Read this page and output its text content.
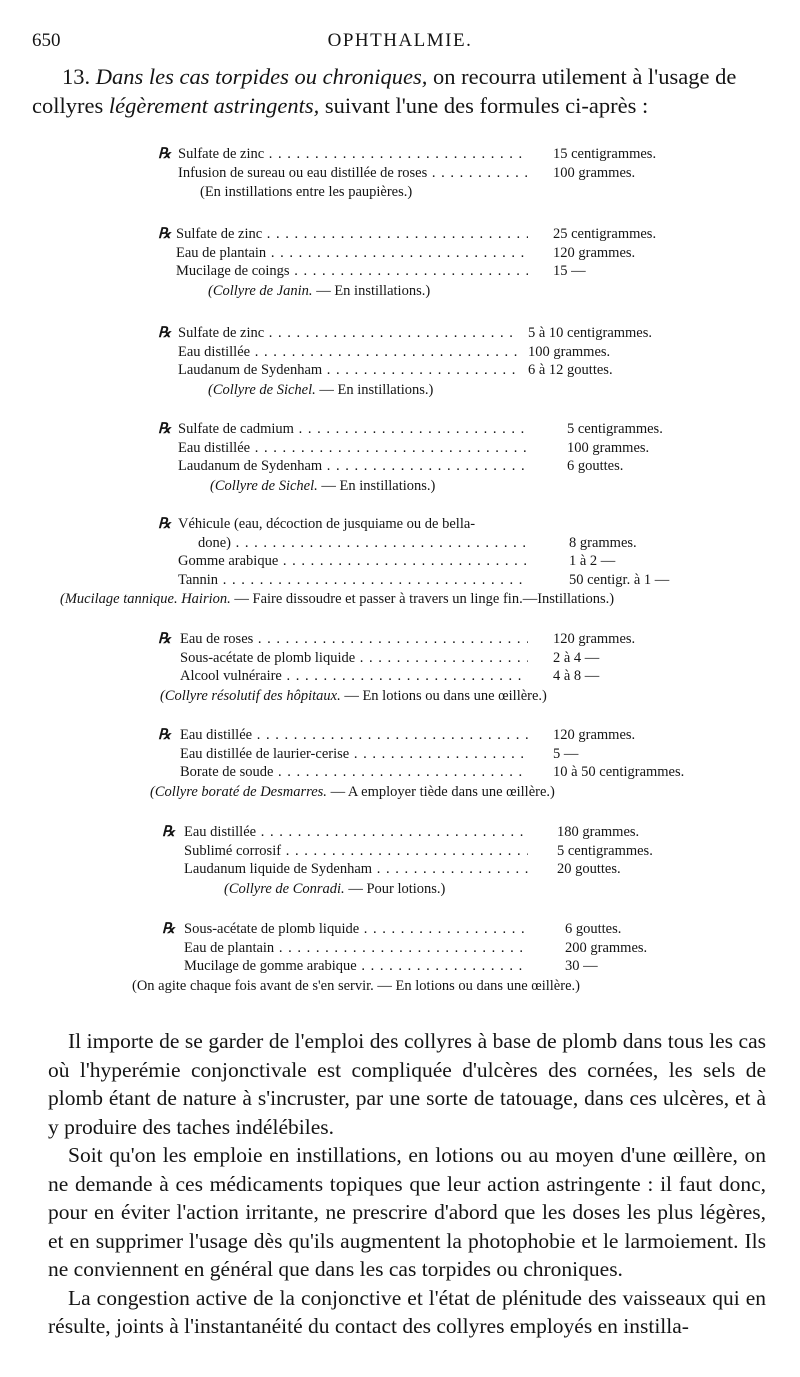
650	OPHTHALMIE.
13. Dans les cas torpides ou chroniques, on recourra utilement à l'usage de collyres légèrement astringents, suivant l'une des formules ci-après :
℞ Sulfate de zinc . . .	15 centigrammes.
Infusion de sureau ou eau distillée de roses . . .	100 grammes.
(En instillations entre les paupières.)
℞ Sulfate de zinc . . .	25 centigrammes.
Eau de plantain . . .	120 grammes.
Mucilage de coings . . .	15 —
(Collyre de Janin. — En instillations.)
℞ Sulfate de zinc . . .	5 à 10 centigrammes.
Eau distillée . . .	100 grammes.
Laudanum de Sydenham . . .	6 à 12 gouttes.
(Collyre de Sichel. — En instillations.)
℞ Sulfate de cadmium . . .	5 centigrammes.
Eau distillée . . .	100 grammes.
Laudanum de Sydenham . . .	6 gouttes.
(Collyre de Sichel. — En instillations.)
℞ Véhicule (eau, décoction de jusquiame ou de bella-
done) . . .	8 grammes.
Gomme arabique . . .	1 à 2 —
Tannin . . .	50 centigr. à 1 —
(Mucilage tannique. Hairion. — Faire dissoudre et passer à travers un linge fin.—Instillations.)
℞ Eau de roses . . .	120 grammes.
Sous-acétate de plomb liquide . . .	2 à 4 —
Alcool vulnéraire . . .	4 à 8 —
(Collyre résolutif des hôpitaux. — En lotions ou dans une œillère.)
℞ Eau distillée . . .	120 grammes.
Eau distillée de laurier-cerise . . .	5 —
Borate de soude . . .	10 à 50 centigrammes.
(Collyre boraté de Desmarres. — A employer tiède dans une œillère.)
℞ Eau distillée . . .	180 grammes.
Sublimé corrosif . . .	5 centigrammes.
Laudanum liquide de Sydenham . . .	20 gouttes.
(Collyre de Conradi. — Pour lotions.)
℞ Sous-acétate de plomb liquide . . .	6 gouttes.
Eau de plantain . . .	200 grammes.
Mucilage de gomme arabique . . .	30 —
(On agite chaque fois avant de s'en servir. — En lotions ou dans une œillère.)

Il importe de se garder de l'emploi des collyres à base de plomb dans tous les cas où l'hyperémie conjonctivale est compliquée d'ulcères des cornées, les sels de plomb étant de nature à s'incruster, par une sorte de tatouage, dans ces ulcères, et à y produire des taches indélébiles.

Soit qu'on les emploie en instillations, en lotions ou au moyen d'une œillère, on ne demande à ces médicaments topiques que leur action astringente : il faut donc, pour en éviter l'action irritante, ne prescrire d'abord que les doses les plus légères, et en supprimer l'usage dès qu'ils augmentent la photophobie et le larmoiement. Ils ne conviennent en général que dans les cas torpides ou chroniques.

La congestion active de la conjonctive et l'état de plénitude des vaisseaux qui en résulte, joints à l'instantanéité du contact des collyres employés en instilla-
